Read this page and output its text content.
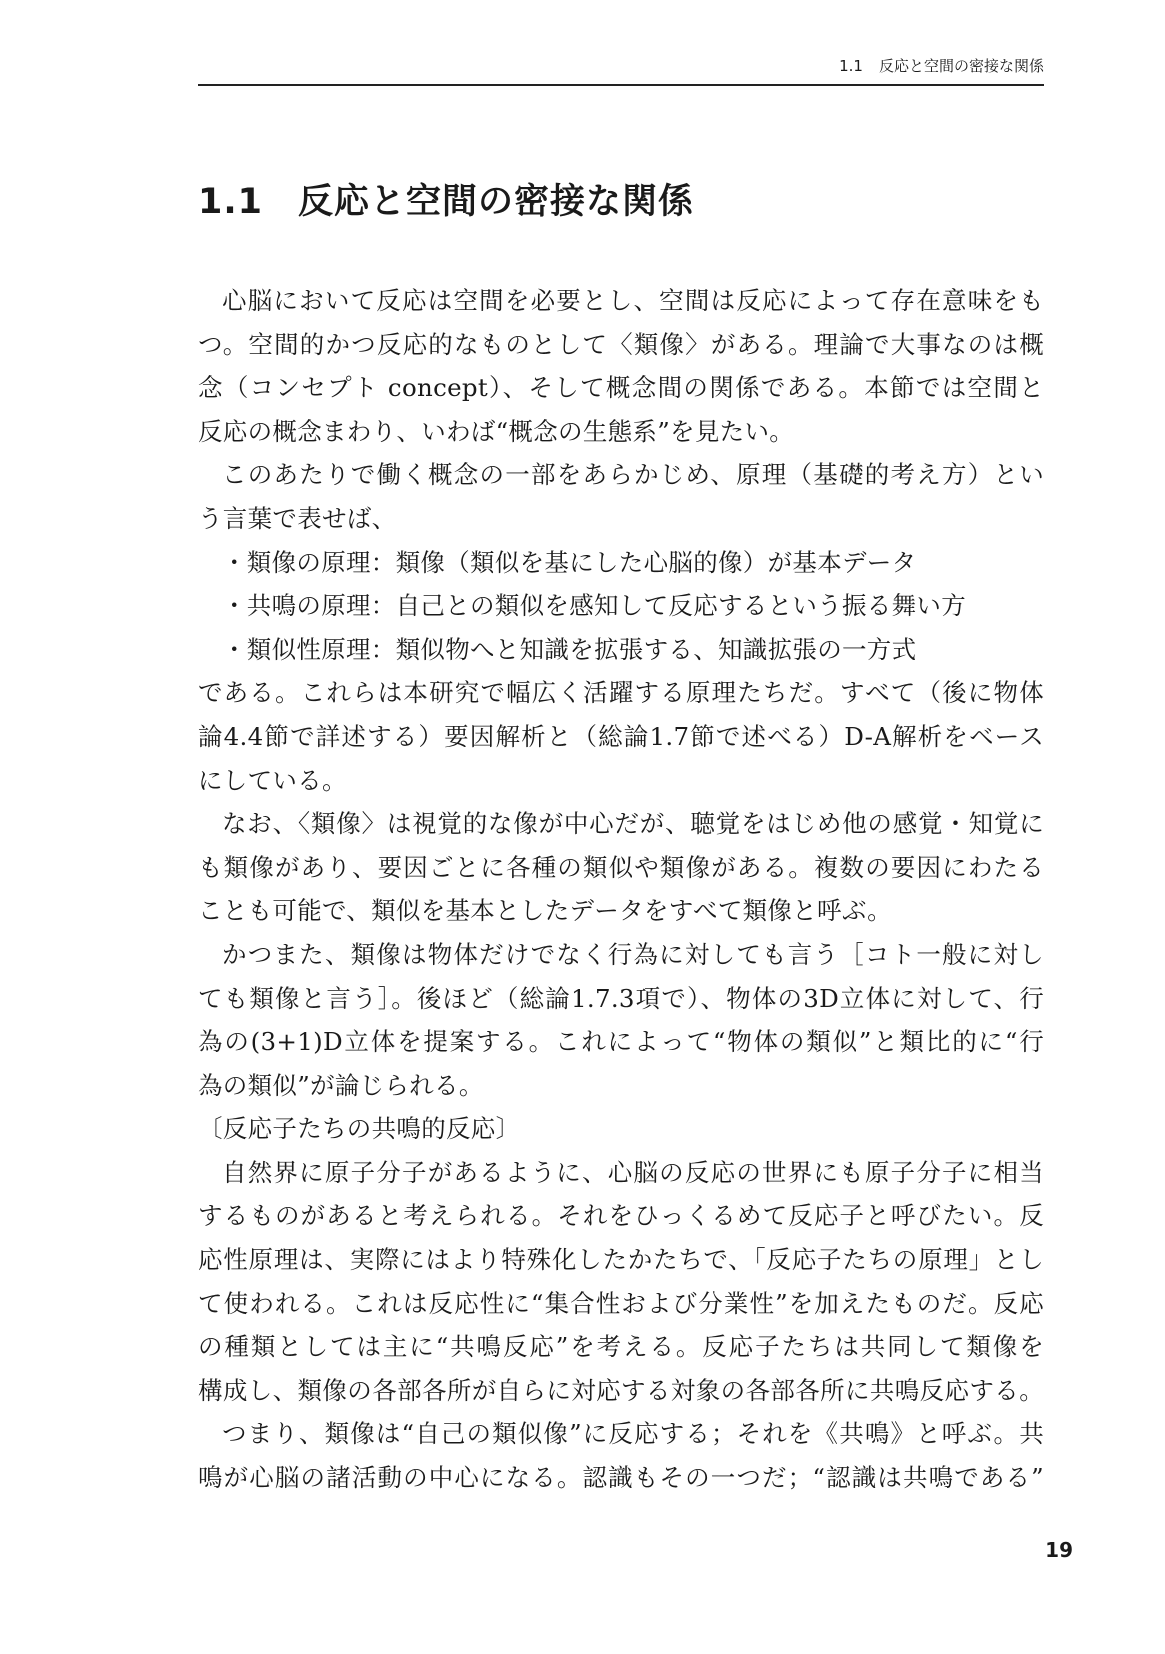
1.1 反応と空間の密接な関係
1.1 反応と空間の密接な関係
心脳において反応は空間を必要とし、空間は反応によって存在意味をも
つ。空間的かつ反応的なものとして〈類像〉がある。理論で大事なのは概
念（コンセプト concept）、そして概念間の関係である。本節では空間と
反応の概念まわり、いわば“概念の生態系”を見たい。
このあたりで働く概念の一部をあらかじめ、原理（基礎的考え方）とい
う言葉で表せば、
・類像の原理：類像（類似を基にした心脳的像）が基本データ
・共鳴の原理：自己との類似を感知して反応するという振る舞い方
・類似性原理：類似物へと知識を拡張する、知識拡張の一方式
である。これらは本研究で幅広く活躍する原理たちだ。すべて（後に物体
論4.4節で詳述する）要因解析と（総論1.7節で述べる）D-A解析をベース
にしている。
なお、〈類像〉は視覚的な像が中心だが、聴覚をはじめ他の感覚・知覚に
も類像があり、要因ごとに各種の類似や類像がある。複数の要因にわたる
ことも可能で、類似を基本としたデータをすべて類像と呼ぶ。
かつまた、類像は物体だけでなく行為に対しても言う［コト一般に対し
ても類像と言う］。後ほど（総論1.7.3項で）、物体の3D立体に対して、行
為の(3+1)D立体を提案する。これによって“物体の類似”と類比的に“行
為の類似”が論じられる。
〔反応子たちの共鳴的反応〕
自然界に原子分子があるように、心脳の反応の世界にも原子分子に相当
するものがあると考えられる。それをひっくるめて反応子と呼びたい。反
応性原理は、実際にはより特殊化したかたちで、「反応子たちの原理」とし
て使われる。これは反応性に“集合性および分業性”を加えたものだ。反応
の種類としては主に“共鳴反応”を考える。反応子たちは共同して類像を
構成し、類像の各部各所が自らに対応する対象の各部各所に共鳴反応する。
つまり、類像は“自己の類似像”に反応する；それを《共鳴》と呼ぶ。共
鳴が心脳の諸活動の中心になる。認識もその一つだ；“認識は共鳴である”
19
